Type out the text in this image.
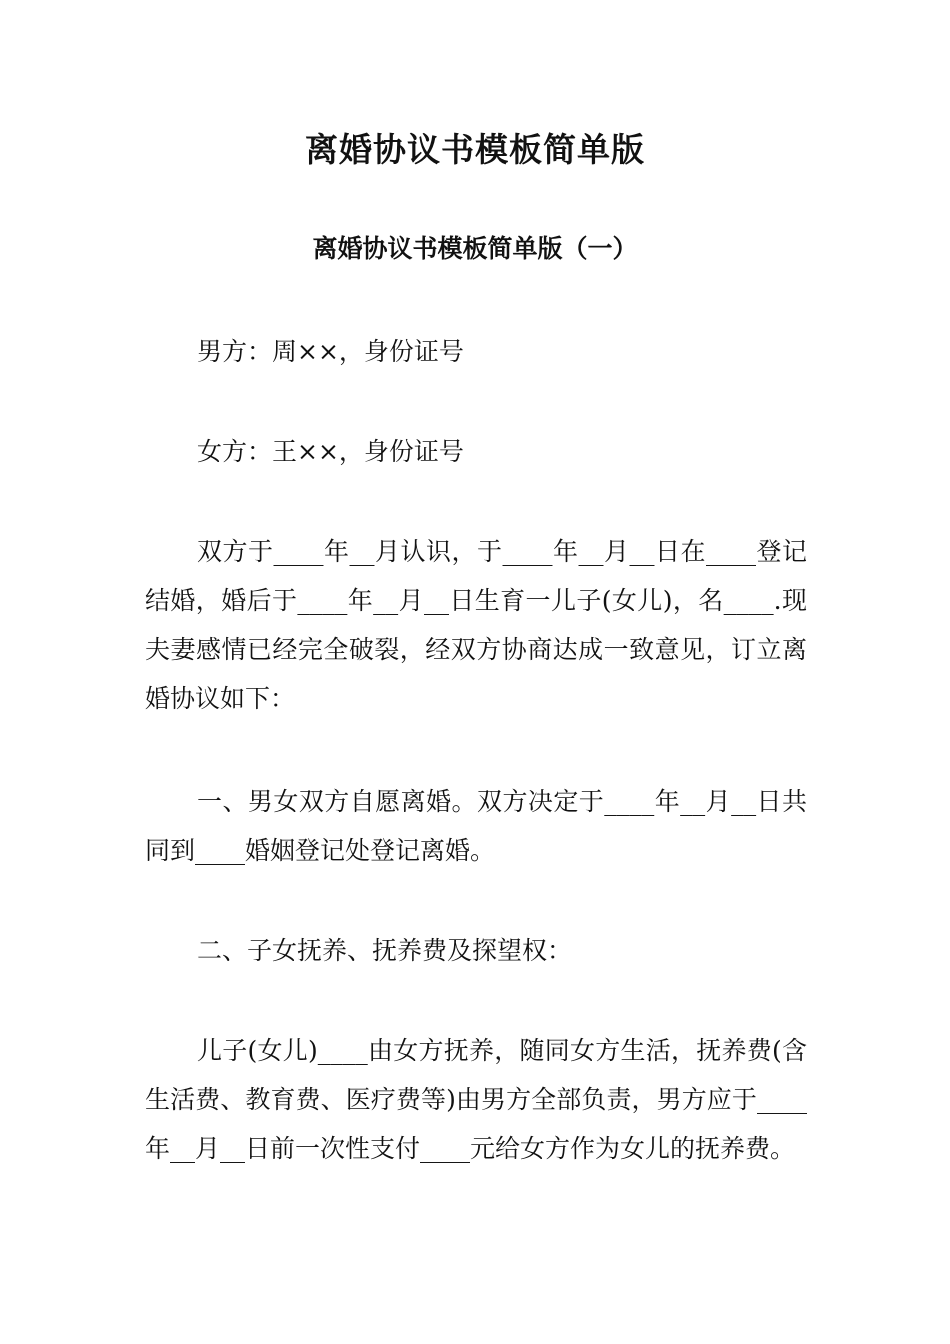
离婚协议书模板简单版
离婚协议书模板简单版（一）

男方：周××，身份证号

女方：王××，身份证号

双方于____年__月认识，于____年__月__日在____登记结婚，婚后于____年__月__日生育一儿子(女儿)，名____.现夫妻感情已经完全破裂，经双方协商达成一致意见，订立离婚协议如下：

一、男女双方自愿离婚。双方决定于____年__月__日共同到____婚姻登记处登记离婚。

二、子女抚养、抚养费及探望权：

儿子(女儿)____由女方抚养，随同女方生活，抚养费(含生活费、教育费、医疗费等)由男方全部负责，男方应于____年__月__日前一次性支付____元给女方作为女儿的抚养费。
